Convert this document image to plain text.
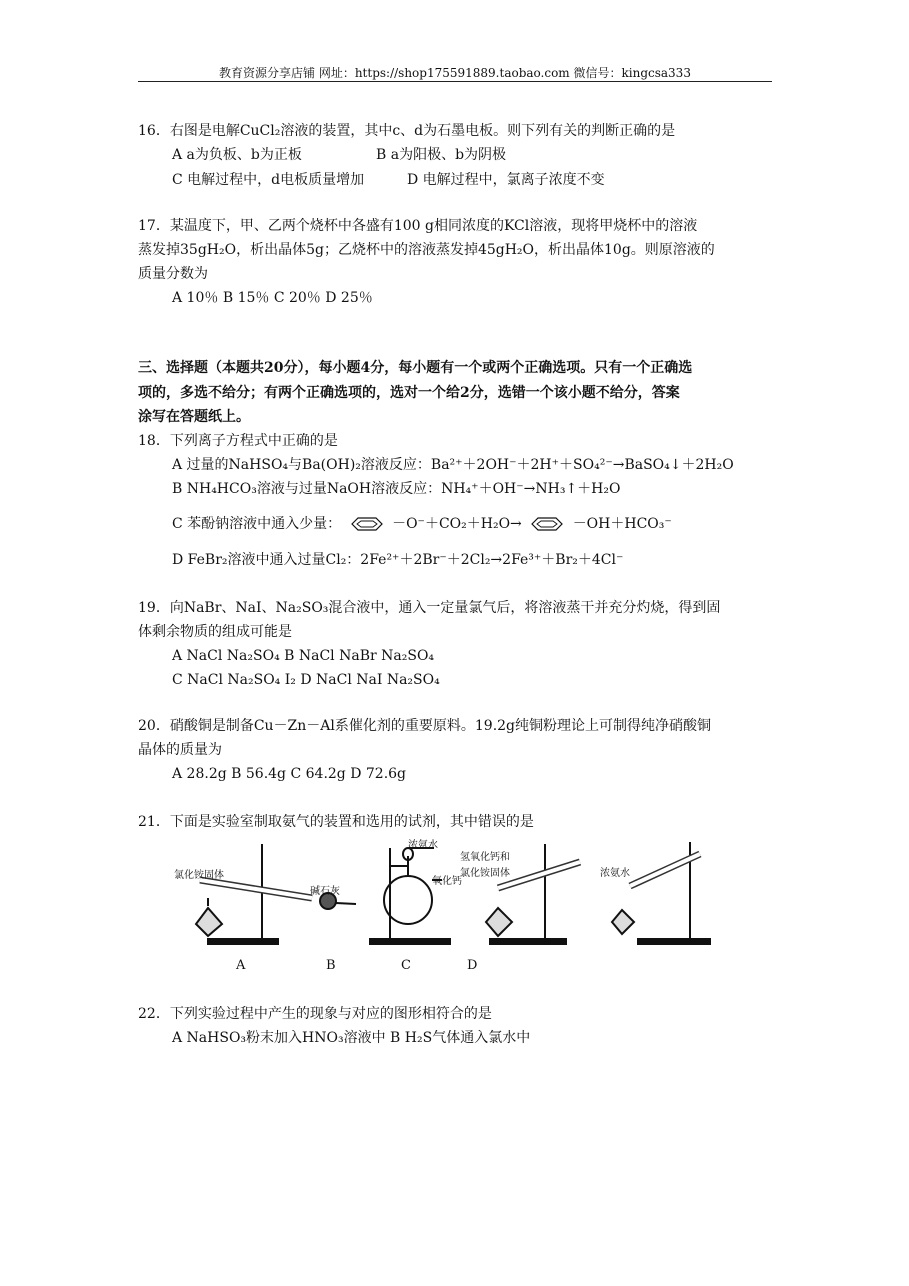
教育资源分享店铺 网址：https://shop175591889.taobao.com 微信号：kingcsa333
16．右图是电解CuCl₂溶液的装置，其中c、d为石墨电板。则下列有关的判断正确的是
A a为负板、b为正板	B a为阳极、b为阴极
C 电解过程中，d电板质量增加	D 电解过程中，氯离子浓度不变
17．某温度下，甲、乙两个烧杯中各盛有100 g相同浓度的KCl溶液，现将甲烧杯中的溶液
蒸发掉35gH₂O，析出晶体5g；乙烧杯中的溶液蒸发掉45gH₂O，析出晶体10g。则原溶液的
质量分数为
A 10％ B 15％ C 20％ D 25％
三、选择题（本题共20分），每小题4分，每小题有一个或两个正确选项。只有一个正确选
项的，多选不给分；有两个正确选项的，选对一个给2分，选错一个该小题不给分，答案
涂写在答题纸上。
18．下列离子方程式中正确的是
A 过量的NaHSO₄与Ba(OH)₂溶液反应：Ba²⁺＋2OH⁻＋2H⁺＋SO₄²⁻→BaSO₄↓＋2H₂O
B NH₄HCO₃溶液与过量NaOH溶液反应：NH₄⁺＋OH⁻→NH₃↑＋H₂O
C 苯酚钠溶液中通入少量：	－O⁻＋CO₂＋H₂O→	－OH＋HCO₃⁻
D FeBr₂溶液中通入过量Cl₂：2Fe²⁺＋2Br⁻＋2Cl₂→2Fe³⁺＋Br₂＋4Cl⁻
19．向NaBr、NaI、Na₂SO₃混合液中，通入一定量氯气后，将溶液蒸干并充分灼烧，得到固
体剩余物质的组成可能是
A NaCl Na₂SO₄ B NaCl NaBr Na₂SO₄
C NaCl Na₂SO₄ I₂ D NaCl NaI Na₂SO₄
20．硝酸铜是制备Cu－Zn－Al系催化剂的重要原料。19.2g纯铜粉理论上可制得纯净硝酸铜
晶体的质量为
A 28.2g B 56.4g C 64.2g D 72.6g
21．下面是实验室制取氨气的装置和选用的试剂，其中错误的是
氯化铵固体
碱石灰
浓氨水
氧化钙
氢氧化钙和
氯化铵固体	浓氨水
A	B	C	D
22．下列实验过程中产生的现象与对应的图形相符合的是
A NaHSO₃粉末加入HNO₃溶液中 B H₂S气体通入氯水中
